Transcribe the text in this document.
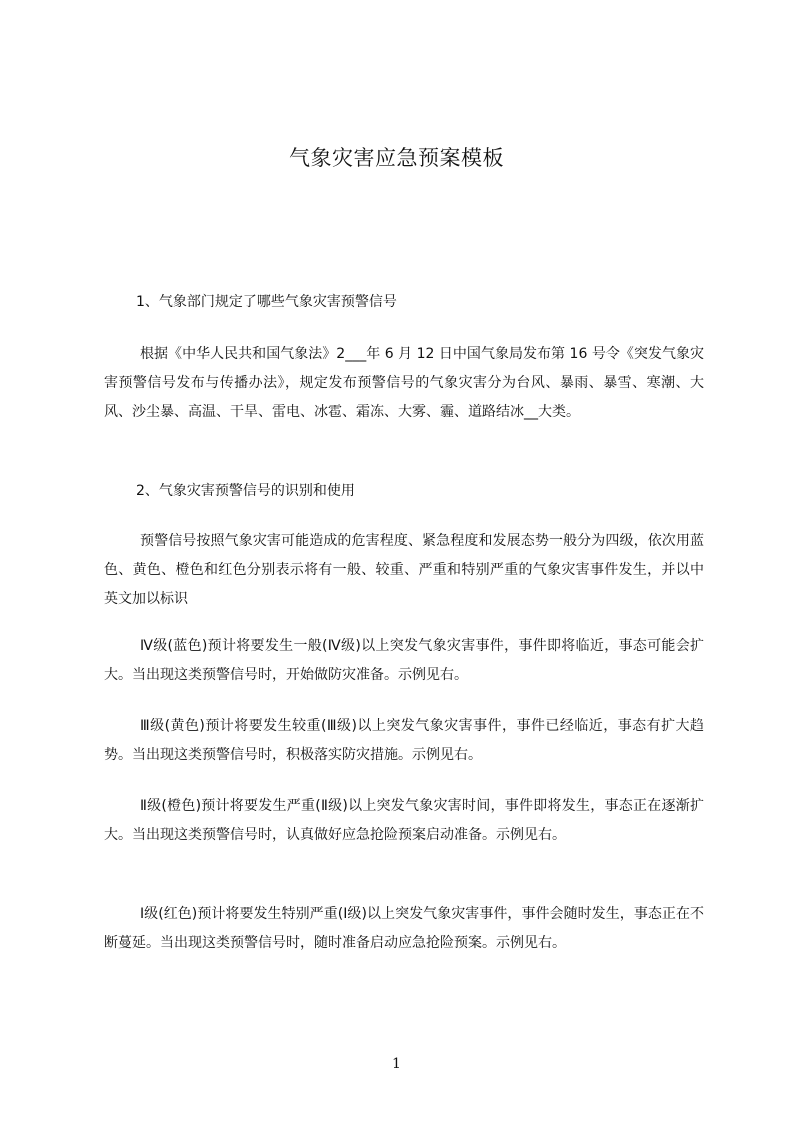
气象灾害应急预案模板

1、气象部门规定了哪些气象灾害预警信号

根据《中华人民共和国气象法》2___年 6 月 12 日中国气象局发布第 16 号令《突发气象灾害预警信号发布与传播办法》，规定发布预警信号的气象灾害分为台风、暴雨、暴雪、寒潮、大风、沙尘暴、高温、干旱、雷电、冰雹、霜冻、大雾、霾、道路结冰__大类。

2、气象灾害预警信号的识别和使用

预警信号按照气象灾害可能造成的危害程度、紧急程度和发展态势一般分为四级，依次用蓝色、黄色、橙色和红色分别表示将有一般、较重、严重和特别严重的气象灾害事件发生，并以中英文加以标识

Ⅳ级(蓝色)预计将要发生一般(Ⅳ级)以上突发气象灾害事件，事件即将临近，事态可能会扩大。当出现这类预警信号时，开始做防灾准备。示例见右。

Ⅲ级(黄色)预计将要发生较重(Ⅲ级)以上突发气象灾害事件，事件已经临近，事态有扩大趋势。当出现这类预警信号时，积极落实防灾措施。示例见右。

Ⅱ级(橙色)预计将要发生严重(Ⅱ级)以上突发气象灾害时间，事件即将发生，事态正在逐渐扩大。当出现这类预警信号时，认真做好应急抢险预案启动准备。示例见右。

Ⅰ级(红色)预计将要发生特别严重(Ⅰ级)以上突发气象灾害事件，事件会随时发生，事态正在不断蔓延。当出现这类预警信号时，随时准备启动应急抢险预案。示例见右。

1
